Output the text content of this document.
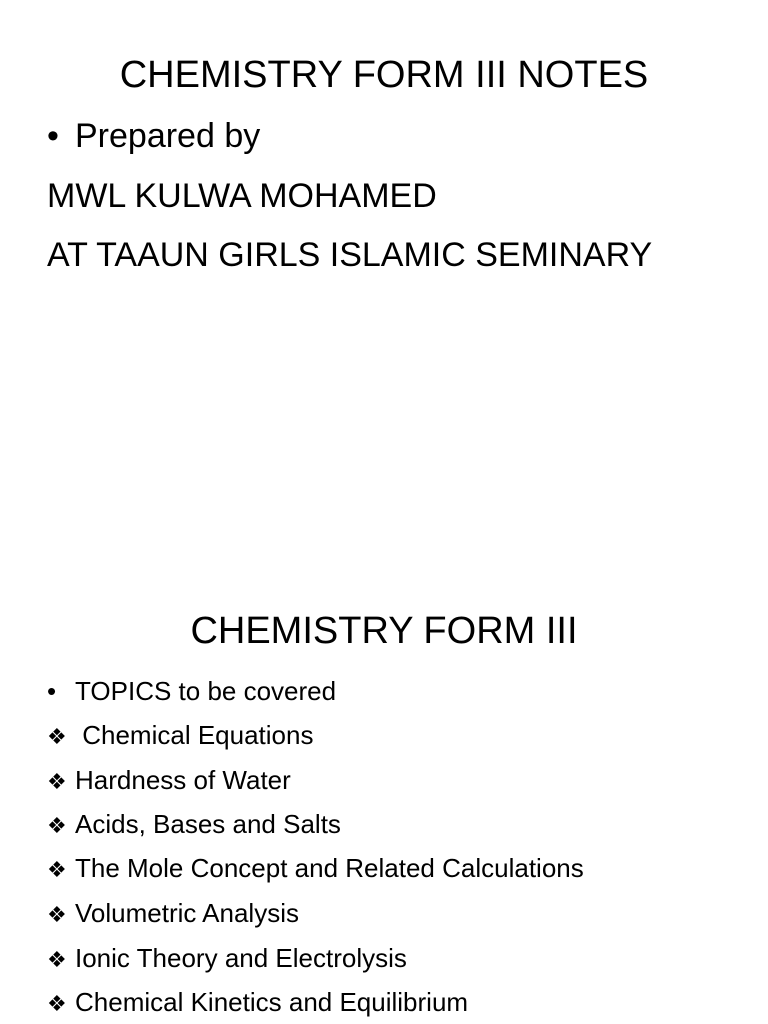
CHEMISTRY FORM III NOTES
• Prepared by
MWL KULWA MOHAMED
AT TAAUN GIRLS ISLAMIC SEMINARY
CHEMISTRY FORM III
• TOPICS to be covered
❖ Chemical Equations
❖ Hardness of Water
❖ Acids, Bases and Salts
❖ The Mole Concept and Related Calculations
❖ Volumetric Analysis
❖ Ionic Theory and Electrolysis
❖ Chemical Kinetics and Equilibrium
